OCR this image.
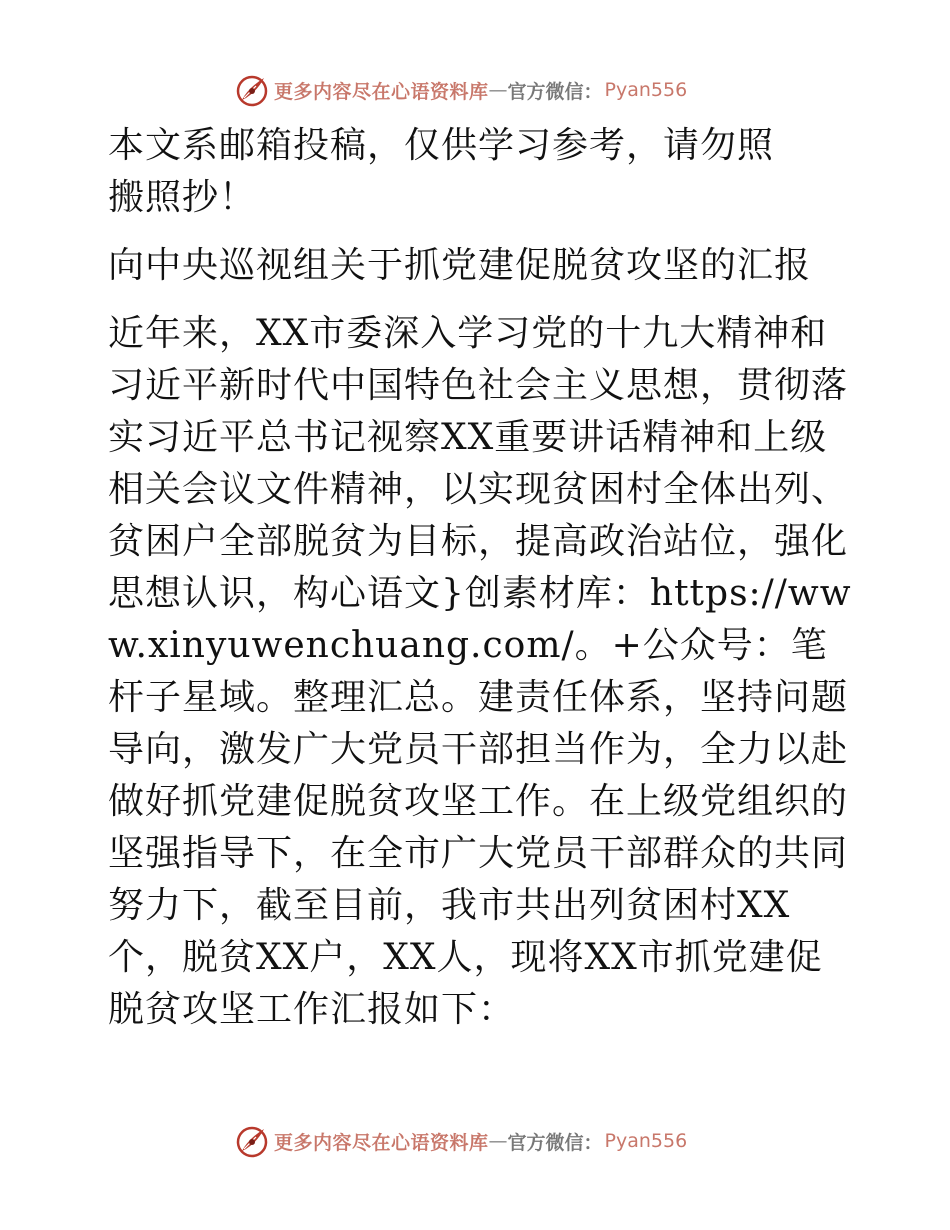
更多内容尽在心语资料库 — 官方微信： Pyan556

本文系邮箱投稿，仅供学习参考，请勿照搬照抄！

向中央巡视组关于抓党建促脱贫攻坚的汇报

近年来，XX市委深入学习党的十九大精神和习近平新时代中国特色社会主义思想，贯彻落实习近平总书记视察XX重要讲话精神和上级相关会议文件精神，以实现贫困村全体出列、贫困户全部脱贫为目标，提高政治站位，强化思想认识，构心语文}创素材库：https://www.xinyuwenchuang.com/。+公众号：笔杆子星域。整理汇总。建责任体系，坚持问题导向，激发广大党员干部担当作为，全力以赴做好抓党建促脱贫攻坚工作。在上级党组织的坚强指导下，在全市广大党员干部群众的共同努力下，截至目前，我市共出列贫困村XX个，脱贫XX户，XX人，现将XX市抓党建促脱贫攻坚工作汇报如下：

更多内容尽在心语资料库 — 官方微信： Pyan556
